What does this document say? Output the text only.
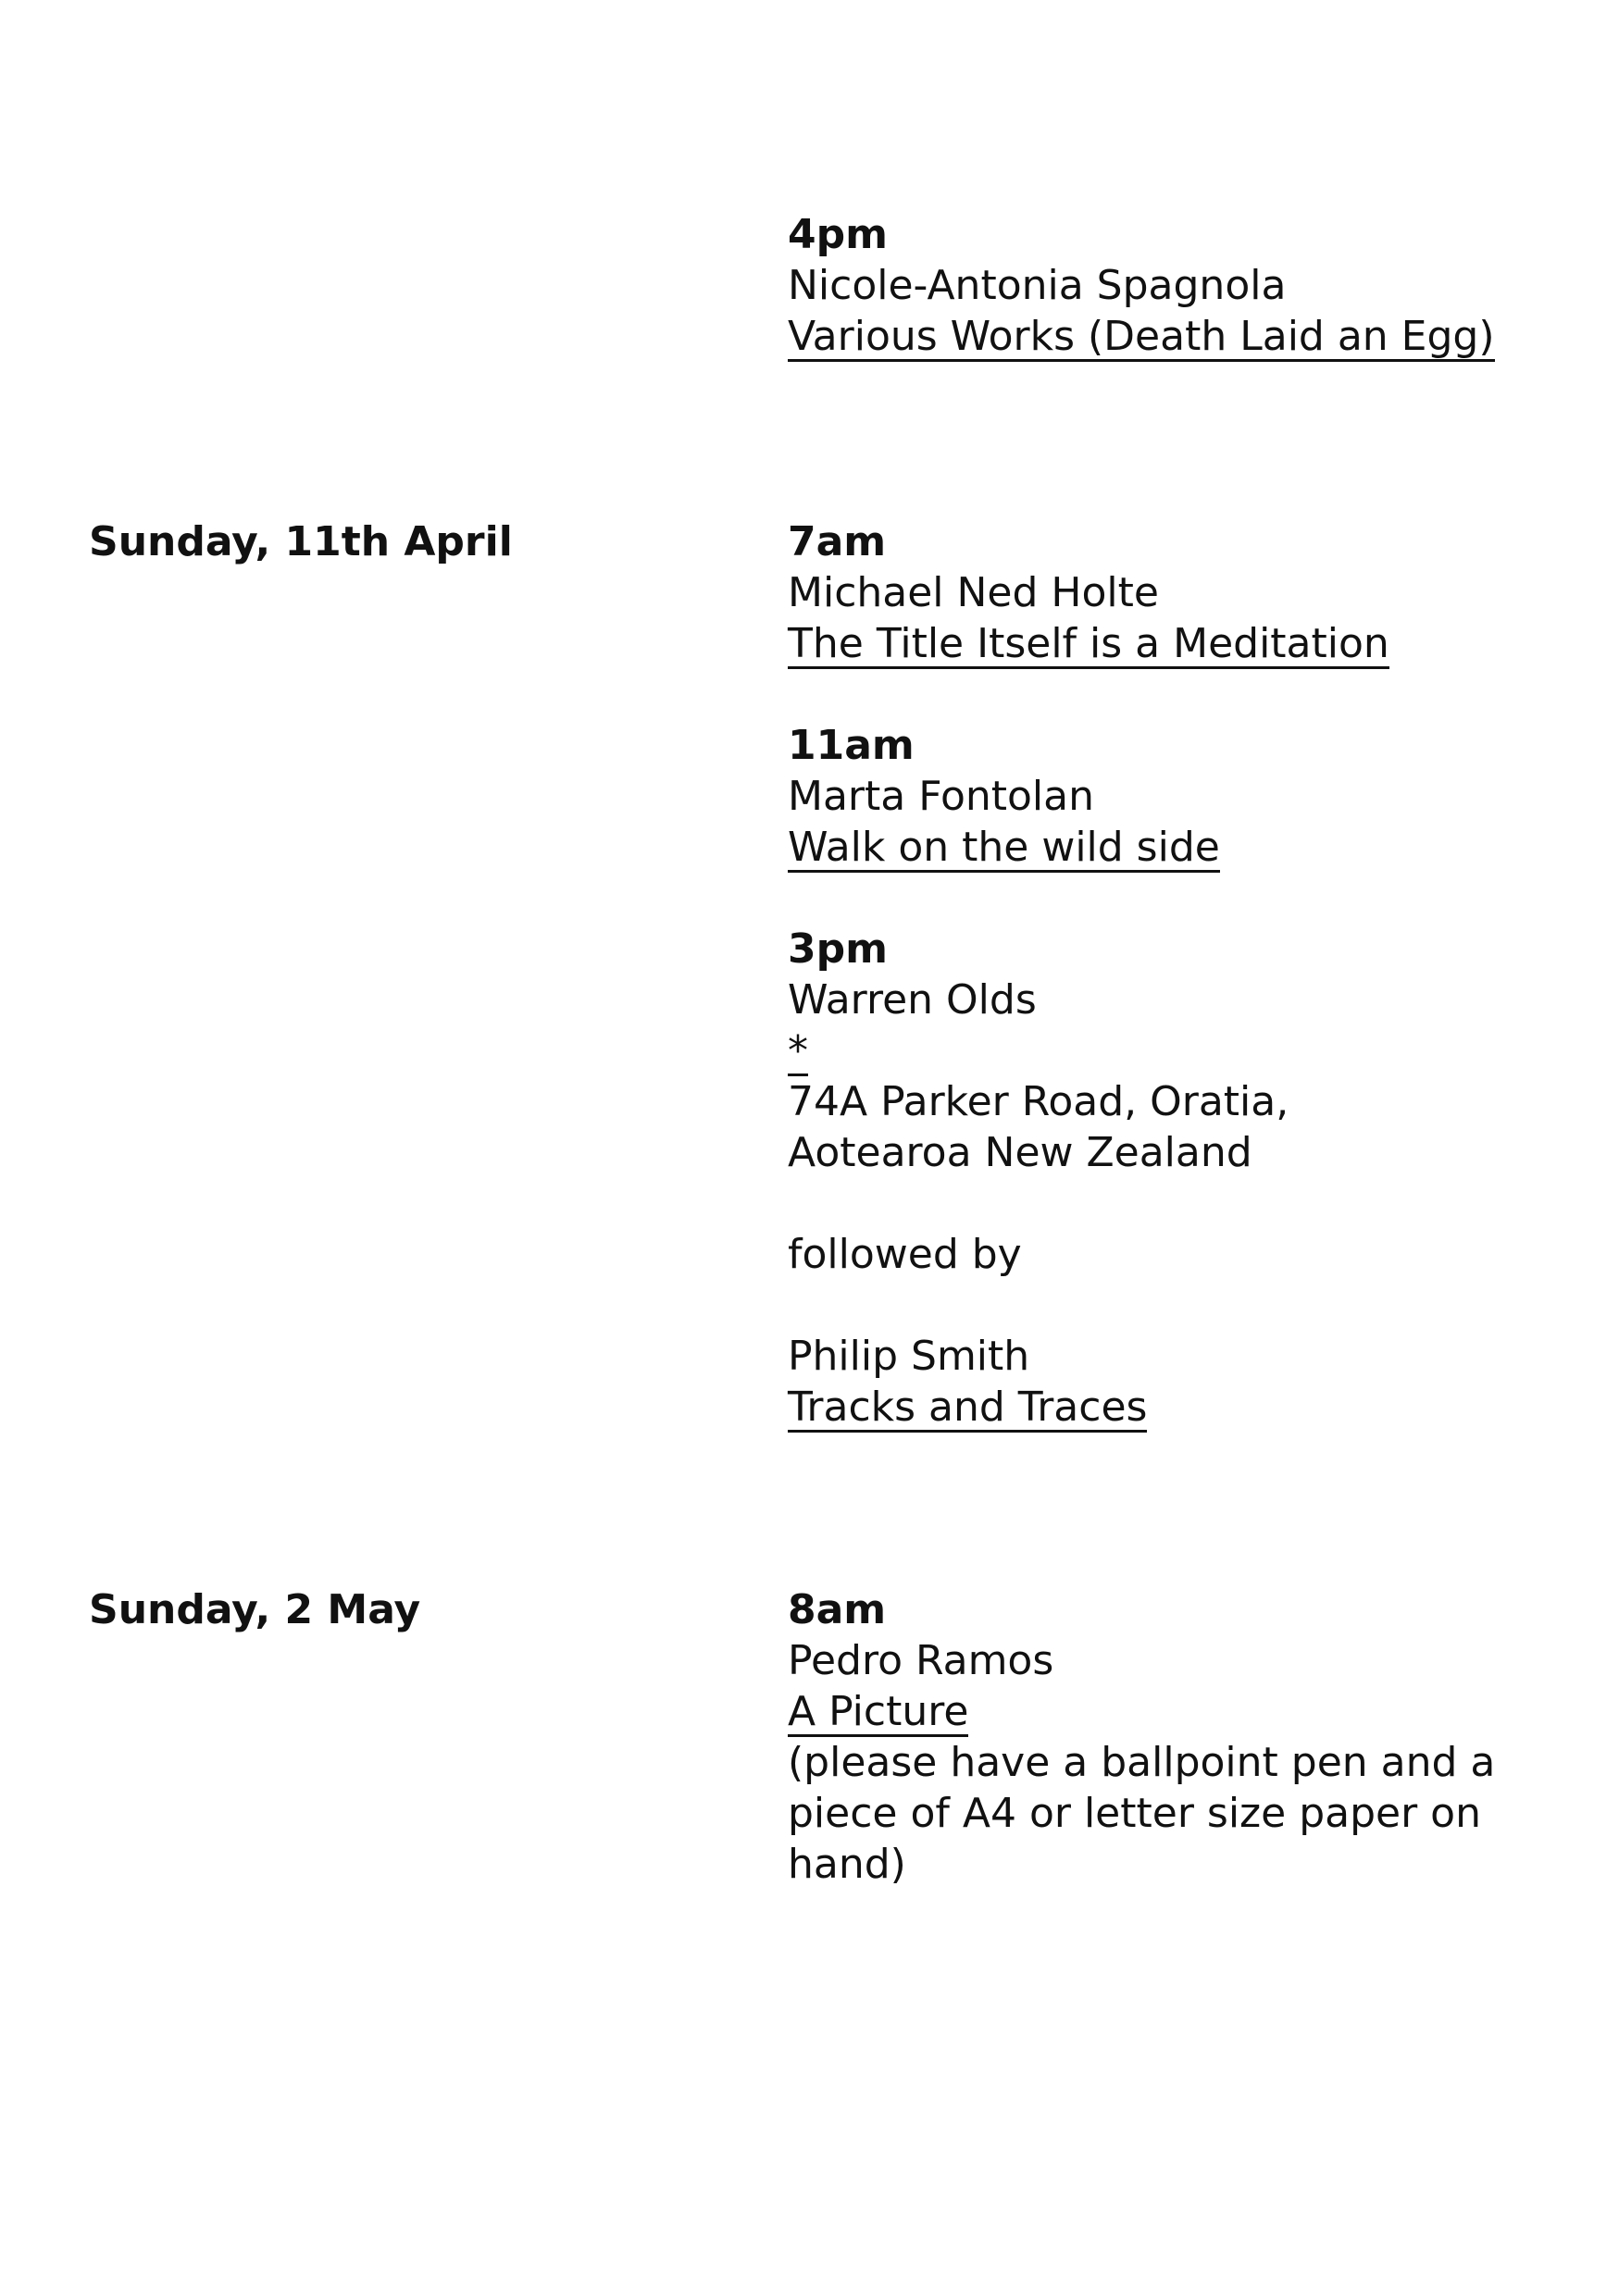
4pm
Nicole-Antonia Spagnola
Various Works (Death Laid an Egg)
Sunday, 11th April	7am
Michael Ned Holte
The Title Itself is a Meditation
11am
Marta Fontolan
Walk on the wild side
3pm
Warren Olds
*
74A Parker Road, Oratia,
Aotearoa New Zealand
followed by
Philip Smith
Tracks and Traces
Sunday, 2 May	8am
Pedro Ramos
A Picture
(please have a ballpoint pen and a
piece of A4 or letter size paper on
hand)
